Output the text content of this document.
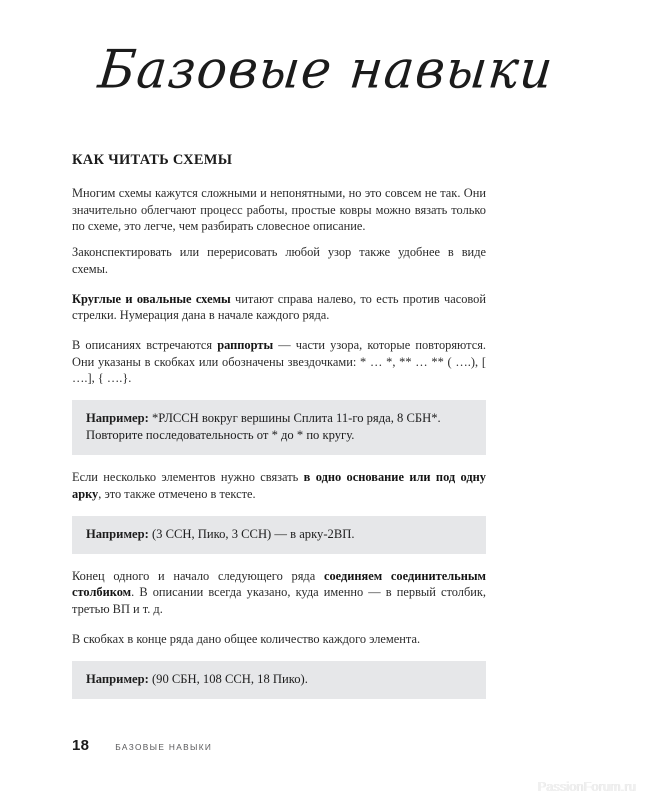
Базовые навыки
КАК ЧИТАТЬ СХЕМЫ

Многим схемы кажутся сложными и непонятными, но это совсем не так. Они значительно облегчают процесс работы, простые ковры можно вязать только по схеме, это легче, чем разбирать словесное описание.

Законспектировать или перерисовать любой узор также удобнее в виде схемы.

Круглые и овальные схемы читают справа налево, то есть против часовой стрелки. Нумерация дана в начале каждого ряда.

В описаниях встречаются раппорты — части узора, которые повторяются. Они указаны в скобках или обозначены звездочками: * … *, ** … ** ( ….), [ ….], { ….}.

Например: *РЛССН вокруг вершины Сплита 11-го ряда, 8 СБН*.

Повторите последовательность от * до * по кругу.

Если несколько элементов нужно связать в одно основание или под одну арку, это также отмечено в тексте.

Например: (3 ССН, Пико, 3 ССН) — в арку-2ВП.

Конец одного и начало следующего ряда соединяем соединительным столбиком. В описании всегда указано, куда именно — в первый столбик, третью ВП и т. д.

В скобках в конце ряда дано общее количество каждого элемента.

Например: (90 СБН, 108 ССН, 18 Пико).

18	БАЗОВЫЕ НАВЫКИ
PassionForum.ru
